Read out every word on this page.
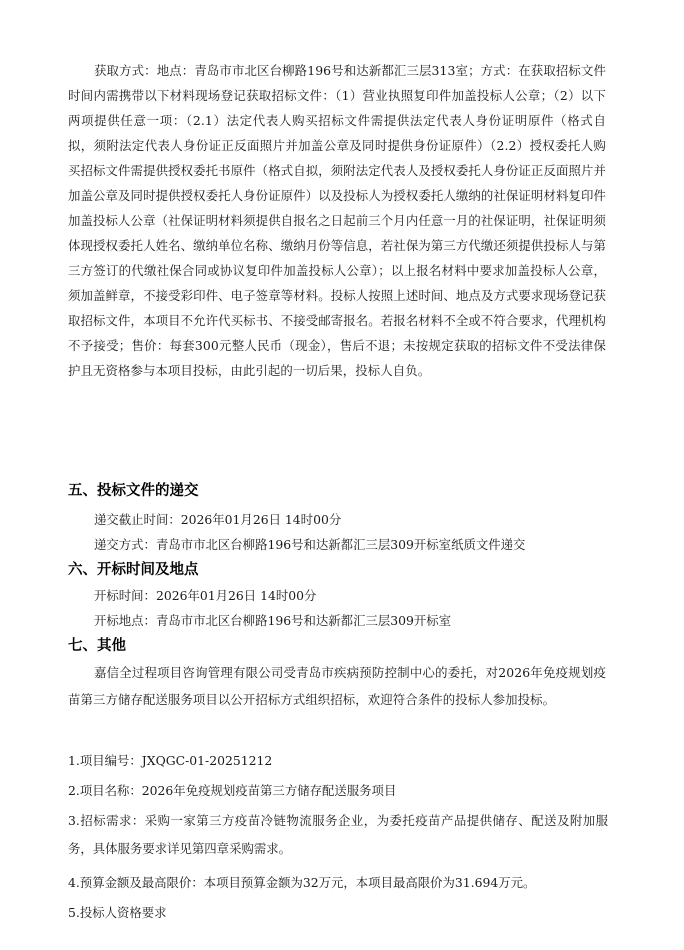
获取方式：地点：青岛市市北区台柳路196号和达新都汇三层313室；方式：在获取招标文件时间内需携带以下材料现场登记获取招标文件：（1）营业执照复印件加盖投标人公章；（2）以下两项提供任意一项：（2.1）法定代表人购买招标文件需提供法定代表人身份证明原件（格式自拟，须附法定代表人身份证正反面照片并加盖公章及同时提供身份证原件）（2.2）授权委托人购买招标文件需提供授权委托书原件（格式自拟，须附法定代表人及授权委托人身份证正反面照片并加盖公章及同时提供授权委托人身份证原件）以及投标人为授权委托人缴纳的社保证明材料复印件加盖投标人公章（社保证明材料须提供自报名之日起前三个月内任意一月的社保证明，社保证明须体现授权委托人姓名、缴纳单位名称、缴纳月份等信息，若社保为第三方代缴还须提供投标人与第三方签订的代缴社保合同或协议复印件加盖投标人公章）；以上报名材料中要求加盖投标人公章，须加盖鲜章，不接受彩印件、电子签章等材料。投标人按照上述时间、地点及方式要求现场登记获取招标文件，本项目不允许代买标书、不接受邮寄报名。若报名材料不全或不符合要求，代理机构不予接受；售价：每套300元整人民币（现金），售后不退；未按规定获取的招标文件不受法律保护且无资格参与本项目投标，由此引起的一切后果，投标人自负。

五、投标文件的递交

递交截止时间：2026年01月26日 14时00分

递交方式：青岛市市北区台柳路196号和达新都汇三层309开标室纸质文件递交

六、开标时间及地点

开标时间：2026年01月26日 14时00分

开标地点：青岛市市北区台柳路196号和达新都汇三层309开标室

七、其他

嘉信全过程项目咨询管理有限公司受青岛市疾病预防控制中心的委托，对2026年免疫规划疫苗第三方储存配送服务项目以公开招标方式组织招标，欢迎符合条件的投标人参加投标。

1.项目编号：JXQGC-01-20251212

2.项目名称：2026年免疫规划疫苗第三方储存配送服务项目

3.招标需求：采购一家第三方疫苗冷链物流服务企业，为委托疫苗产品提供储存、配送及附加服务，具体服务要求详见第四章采购需求。

4.预算金额及最高限价：本项目预算金额为32万元，本项目最高限价为31.694万元。

5.投标人资格要求
